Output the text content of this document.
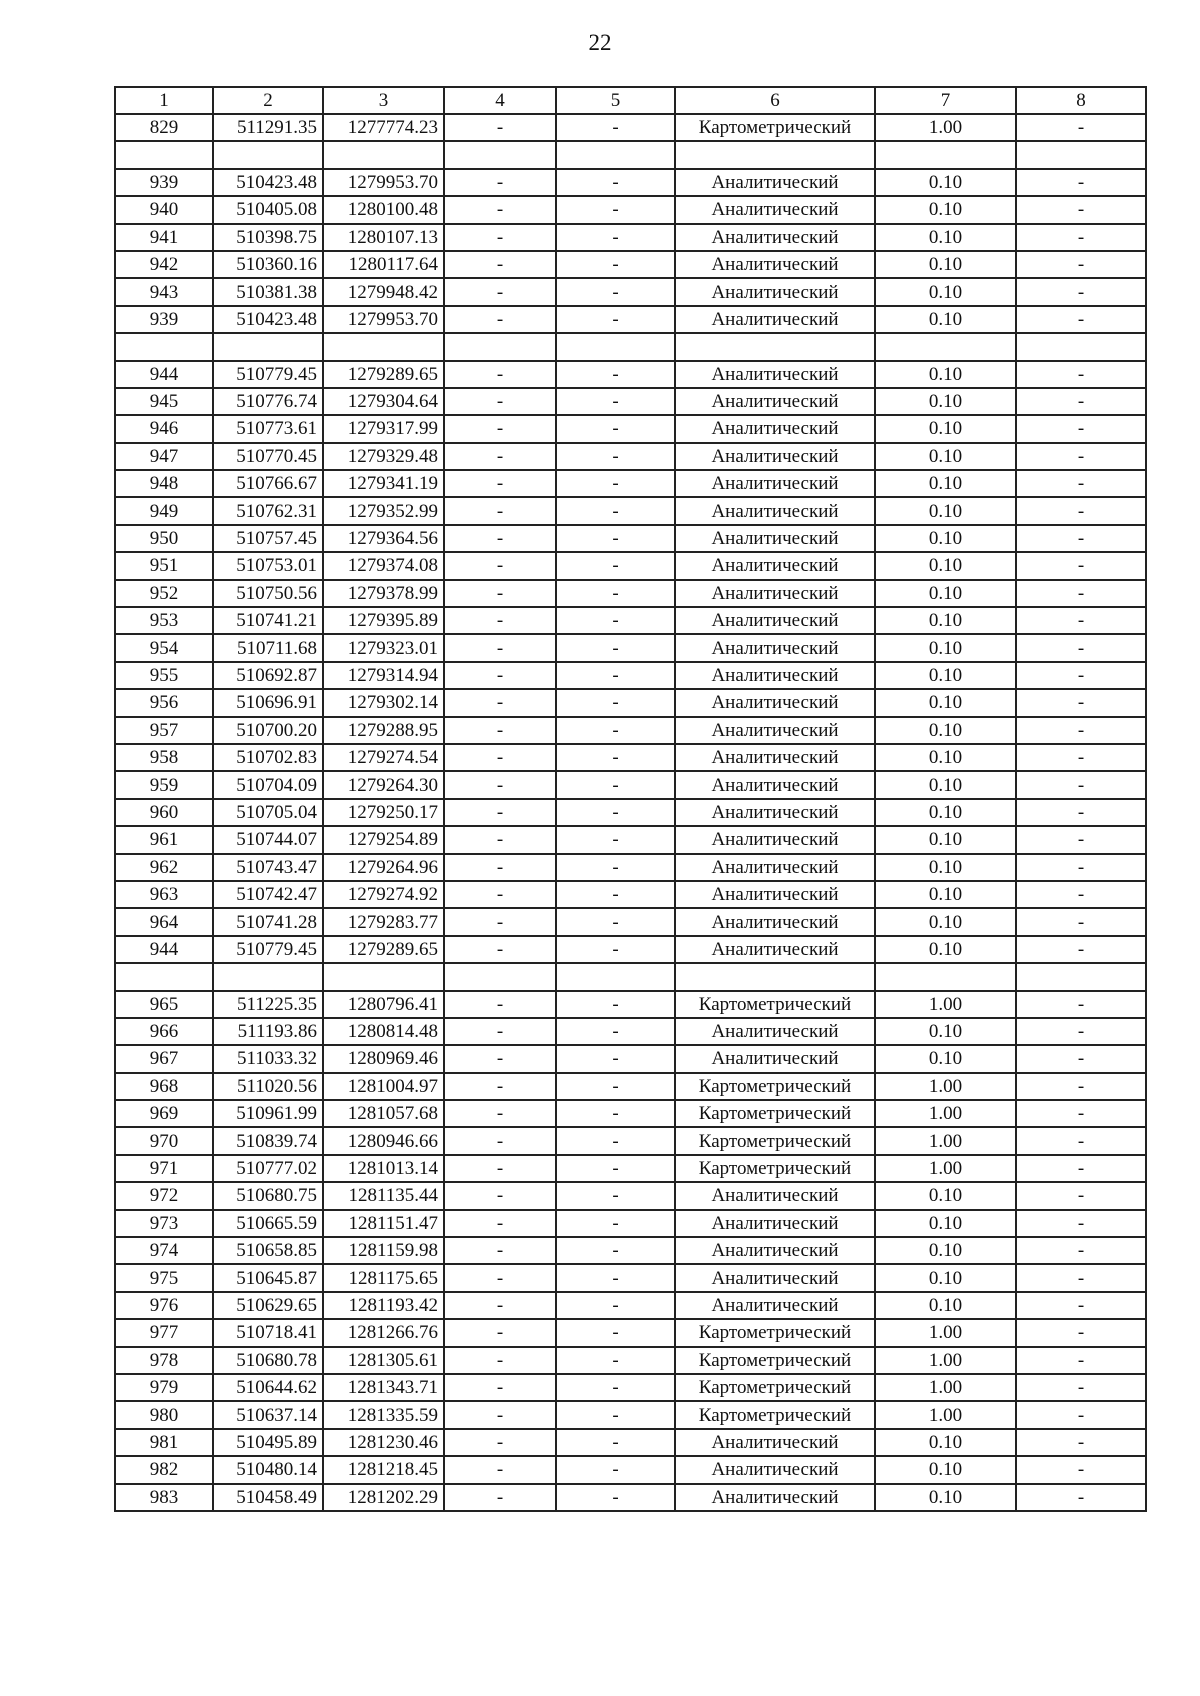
22
1	2	3	4	5	6	7	8
829	511291.35	1277774.23	-	-	Картометрический	1.00	-

939	510423.48	1279953.70	-	-	Аналитический	0.10	-
940	510405.08	1280100.48	-	-	Аналитический	0.10	-
941	510398.75	1280107.13	-	-	Аналитический	0.10	-
942	510360.16	1280117.64	-	-	Аналитический	0.10	-
943	510381.38	1279948.42	-	-	Аналитический	0.10	-
939	510423.48	1279953.70	-	-	Аналитический	0.10	-

944	510779.45	1279289.65	-	-	Аналитический	0.10	-
945	510776.74	1279304.64	-	-	Аналитический	0.10	-
946	510773.61	1279317.99	-	-	Аналитический	0.10	-
947	510770.45	1279329.48	-	-	Аналитический	0.10	-
948	510766.67	1279341.19	-	-	Аналитический	0.10	-
949	510762.31	1279352.99	-	-	Аналитический	0.10	-
950	510757.45	1279364.56	-	-	Аналитический	0.10	-
951	510753.01	1279374.08	-	-	Аналитический	0.10	-
952	510750.56	1279378.99	-	-	Аналитический	0.10	-
953	510741.21	1279395.89	-	-	Аналитический	0.10	-
954	510711.68	1279323.01	-	-	Аналитический	0.10	-
955	510692.87	1279314.94	-	-	Аналитический	0.10	-
956	510696.91	1279302.14	-	-	Аналитический	0.10	-
957	510700.20	1279288.95	-	-	Аналитический	0.10	-
958	510702.83	1279274.54	-	-	Аналитический	0.10	-
959	510704.09	1279264.30	-	-	Аналитический	0.10	-
960	510705.04	1279250.17	-	-	Аналитический	0.10	-
961	510744.07	1279254.89	-	-	Аналитический	0.10	-
962	510743.47	1279264.96	-	-	Аналитический	0.10	-
963	510742.47	1279274.92	-	-	Аналитический	0.10	-
964	510741.28	1279283.77	-	-	Аналитический	0.10	-
944	510779.45	1279289.65	-	-	Аналитический	0.10	-

965	511225.35	1280796.41	-	-	Картометрический	1.00	-
966	511193.86	1280814.48	-	-	Аналитический	0.10	-
967	511033.32	1280969.46	-	-	Аналитический	0.10	-
968	511020.56	1281004.97	-	-	Картометрический	1.00	-
969	510961.99	1281057.68	-	-	Картометрический	1.00	-
970	510839.74	1280946.66	-	-	Картометрический	1.00	-
971	510777.02	1281013.14	-	-	Картометрический	1.00	-
972	510680.75	1281135.44	-	-	Аналитический	0.10	-
973	510665.59	1281151.47	-	-	Аналитический	0.10	-
974	510658.85	1281159.98	-	-	Аналитический	0.10	-
975	510645.87	1281175.65	-	-	Аналитический	0.10	-
976	510629.65	1281193.42	-	-	Аналитический	0.10	-
977	510718.41	1281266.76	-	-	Картометрический	1.00	-
978	510680.78	1281305.61	-	-	Картометрический	1.00	-
979	510644.62	1281343.71	-	-	Картометрический	1.00	-
980	510637.14	1281335.59	-	-	Картометрический	1.00	-
981	510495.89	1281230.46	-	-	Аналитический	0.10	-
982	510480.14	1281218.45	-	-	Аналитический	0.10	-
983	510458.49	1281202.29	-	-	Аналитический	0.10	-
